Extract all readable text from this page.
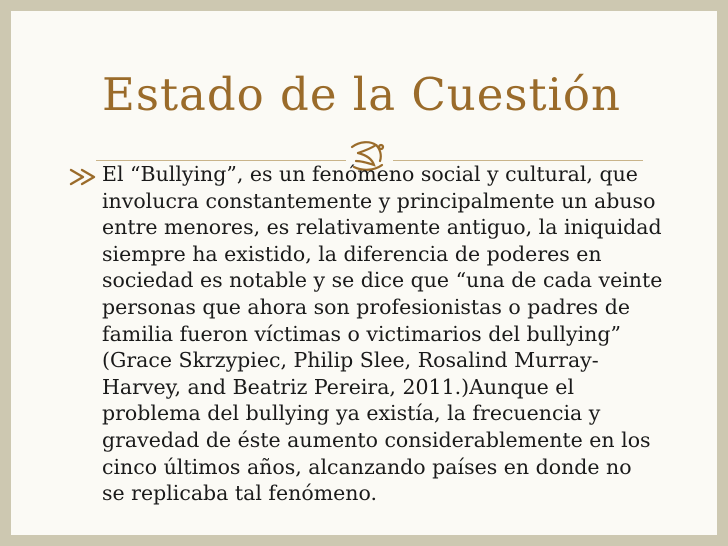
Estado de la Cuestión
El “Bullying”, es un fenómeno social y cultural, que
involucra constantemente y principalmente un abuso
entre menores, es relativamente antiguo, la iniquidad
siempre ha existido, la diferencia de poderes en
sociedad es notable y se dice que “una de cada veinte
personas que ahora son profesionistas o padres de
familia fueron víctimas o victimarios del bullying”
(Grace Skrzypiec, Philip Slee, Rosalind Murray-
Harvey, and Beatriz Pereira, 2011.)Aunque el
problema del bullying ya existía, la frecuencia y
gravedad de éste aumento considerablemente en los
cinco últimos años, alcanzando países en donde no
se replicaba tal fenómeno.
